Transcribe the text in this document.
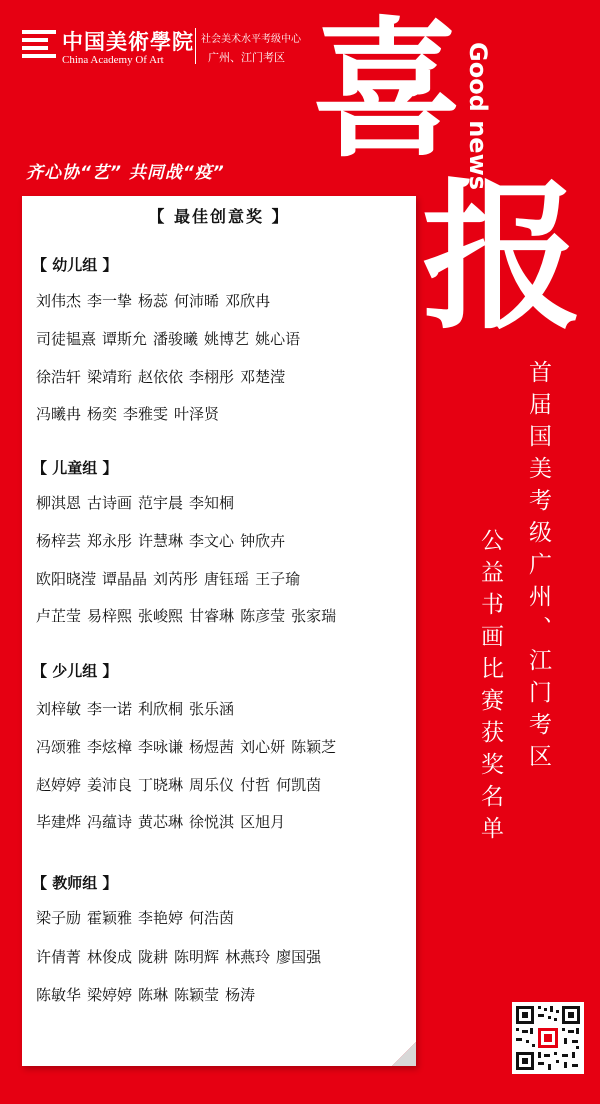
中国美術學院
China Academy Of Art
社会美术水平考级中心
广州、江门考区
齐心协“艺” 共同战“疫” 喜 Good news
报
首届国美考级广州、江门考区
公益书画比赛获奖名单
【 最佳创意奖 】
【 幼儿组 】
刘伟杰 李一挚 杨蕊 何沛晞 邓欣冉
司徒韫熹 谭斯允 潘骏曦 姚博艺 姚心语
徐浩轩 梁靖珩 赵依依 李栩彤 邓楚滢
冯曦冉 杨奕 李雅雯 叶泽贤
【 儿童组 】
柳淇恩 古诗画 范宇晨 李知桐
杨梓芸 郑永彤 许慧琳 李文心 钟欣卉
欧阳晓滢 谭晶晶 刘芮彤 唐钰瑶 王子瑜
卢芷莹 易梓熙 张峻熙 甘睿琳 陈彦莹 张家瑞
【 少儿组 】
刘梓敏 李一诺 利欣桐 张乐涵
冯颂雅 李炫樟 李咏谦 杨煜茜 刘心妍 陈颖芝
赵婷婷 姜沛良 丁晓琳 周乐仪 付哲 何凯茵
毕建烨 冯蕴诗 黄芯琳 徐悦淇 区旭月
【 教师组 】
梁子励 霍颖雅 李艳婷 何浩茵
许倩菁 林俊成 陇耕 陈明辉 林燕玲 廖国强
陈敏华 梁婷婷 陈琳 陈颖莹 杨涛
